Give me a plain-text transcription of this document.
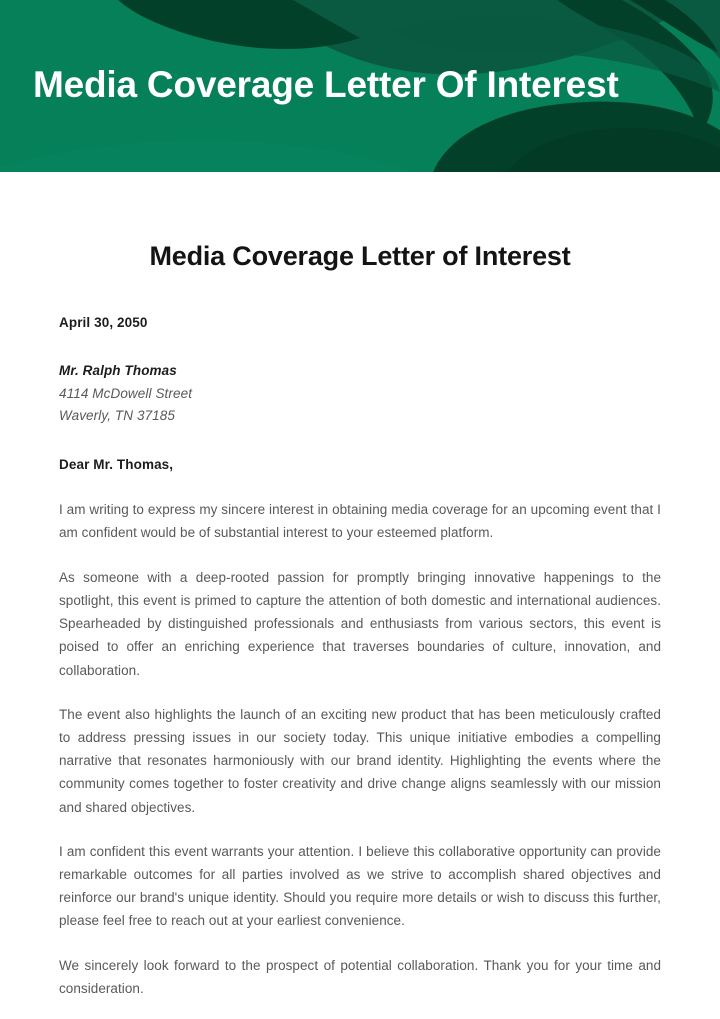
Media Coverage Letter Of Interest
Media Coverage Letter of Interest
April 30, 2050
Mr. Ralph Thomas
4114 McDowell Street
Waverly, TN 37185
Dear Mr. Thomas,

I am writing to express my sincere interest in obtaining media coverage for an upcoming event that I am confident would be of substantial interest to your esteemed platform.

As someone with a deep-rooted passion for promptly bringing innovative happenings to the spotlight, this event is primed to capture the attention of both domestic and international audiences. Spearheaded by distinguished professionals and enthusiasts from various sectors, this event is poised to offer an enriching experience that traverses boundaries of culture, innovation, and collaboration.

The event also highlights the launch of an exciting new product that has been meticulously crafted to address pressing issues in our society today. This unique initiative embodies a compelling narrative that resonates harmoniously with our brand identity. Highlighting the events where the community comes together to foster creativity and drive change aligns seamlessly with our mission and shared objectives.

I am confident this event warrants your attention. I believe this collaborative opportunity can provide remarkable outcomes for all parties involved as we strive to accomplish shared objectives and reinforce our brand's unique identity. Should you require more details or wish to discuss this further, please feel free to reach out at your earliest convenience.

We sincerely look forward to the prospect of potential collaboration. Thank you for your time and consideration.
